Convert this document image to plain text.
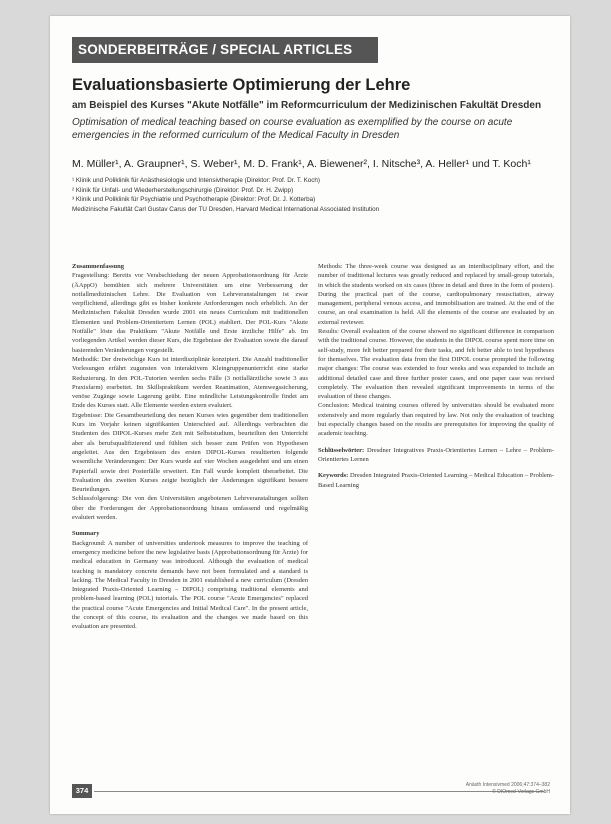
SONDERBEITRÄGE / SPECIAL ARTICLES
Evaluationsbasierte Optimierung der Lehre
am Beispiel des Kurses "Akute Notfälle" im Reformcurriculum der Medizinischen Fakultät Dresden
Optimisation of medical teaching based on course evaluation as exemplified by the course on acute emergencies in the reformed curriculum of the Medical Faculty in Dresden
M. Müller¹, A. Graupner¹, S. Weber¹, M. D. Frank¹, A. Biewener², I. Nitsche³, A. Heller¹ und T. Koch¹
¹ Klinik und Poliklinik für Anästhesiologie und Intensivtherapie (Direktor: Prof. Dr. T. Koch)
² Klinik für Unfall- und Wiederherstellungschirurgie (Direktor: Prof. Dr. H. Zwipp)
³ Klinik und Poliklinik für Psychiatrie und Psychotherapie (Direktor: Prof. Dr. J. Kotterba)
Medizinische Fakultät Carl Gustav Carus der TU Dresden, Harvard Medical International Associated Institution

Zusammenfassung

Fragestellung: Bereits vor Verabschiedung der neuen Approbationsordnung für Ärzte (ÄAppO) bemühten sich mehrere Universitäten um eine Verbesserung der notfallmedizinischen Lehre. Die Evaluation von Lehrveranstaltungen ist zwar verpflichtend, allerdings gibt es bisher konkrete Anforderungen noch erheblich. An der Medizinischen Fakultät Dresden wurde 2001 ein neues Curriculum mit traditionellen Elementen und Problem-Orientiertem Lernen (POL) etabliert. Der POL-Kurs "Akute Notfälle" löste das Praktikum "Akute Notfälle und Erste ärztliche Hilfe" ab. Im vorliegenden Artikel werden dieser Kurs, die Ergebnisse der Evaluation sowie die darauf basierenden Veränderungen vorgestellt.

Methodik: Der dreiwöchige Kurs ist interdisziplinär konzipiert. Die Anzahl traditioneller Vorlesungen erfährt zugunsten von interaktivem Kleingruppenunterricht eine starke Reduzierung. In den POL-Tutorien werden sechs Fälle (3 notfallärztliche sowie 3 aus Praxisfarm) erarbeitet. Im Skillspraktikum werden Reanimation, Atemwegssicherung, venöse Zugänge sowie Lagerung geübt. Eine mündliche Leistungskontrolle findet am Ende des Kurses statt. Alle Elemente werden extern evaluiert.

Ergebnisse: Die Gesamtbeurteilung des neuen Kurses wies gegenüber dem traditionellen Kurs im Vorjahr keinen signifikanten Unterschied auf. Allerdings verbrachten die Studenten des DIPOL-Kurses mehr Zeit mit Selbststudium, beurteilten den Unterricht aber als berufsqualifizierend und fühlten sich besser zum Prüfen von Hypothesen angeleitet. Aus den Ergebnissen des ersten DIPOL-Kurses resultierten folgende wesentliche Veränderungen: Der Kurs wurde auf vier Wochen ausgedehnt und um einen Papierfall sowie drei Posterfälle erweitert. Ein Fall wurde komplett überarbeitet. Die Evaluation des zweiten Kurses zeigte bezüglich der Änderungen signifikant bessere Beurteilungen.

Schlussfolgerung: Die von den Universitäten angebotenen Lehrveranstaltungen sollten über die Forderungen der Approbationsordnung hinaus umfassend und regelmäßig evaluiert werden.

Summary

Background: A number of universities undertook measures to improve the teaching of emergency medicine before the new legislative basis (Approbationsordnung für Ärzte) for medical education in Germany was introduced. Although the evaluation of medical teaching is mandatory concrete demands have not been formulated and a standard is lacking. The Medical Faculty in Dresden in 2001 established a new curriculum (Dresden Integrated Praxis-Oriented Learning – DIPOL) comprising traditional elements and problem-based learning (POL) tutorials. The POL course "Acute Emergencies" replaced the practical course "Acute Emergencies and Initial Medical Care". In the present article, the concept of this course, its evaluation and the changes we made based on this evaluation are presented.

Methods: The three-week course was designed as an interdisciplinary effort, and the number of traditional lectures was greatly reduced and replaced by small-group tutorials, in which the students worked on six cases (three in detail and three in the form of posters). During the practical part of the course, cardiopulmonary resuscitation, airway management, peripheral venous access, and immobilisation are trained. At the end of the course, an oral examination is held. All the elements of the course are evaluated by an external reviewer.

Results: Overall evaluation of the course showed no significant difference in comparison with the traditional course. However, the students in the DIPOL course spent more time on self-study, more felt better prepared for their tasks, and felt better able to test hypotheses for themselves. The evaluation data from the first DIPOL course prompted the following major changes: The course was extended to four weeks and was expanded to include an additional detailed case and three further poster cases, and one paper case was revised completely. The evaluation then revealed significant improvements in terms of the evaluation of these changes.

Conclusion: Medical training courses offered by universities should be evaluated more extensively and more regularly than required by law. Not only the evaluation of teaching but especially changes based on the results are prerequisites for improving the quality of academic teaching.

Schlüsselwörter: Dresdner Integratives Praxis-Orientiertes Lernen – Lehre – Problem-Orientiertes Lernen

Keywords: Dresden Integrated Praxis-Oriented Learning – Medical Education – Problem-Based Learning

374
Anästh Intensivmed 2006;47:374–382
© DIOmed-Verlags GmbH
